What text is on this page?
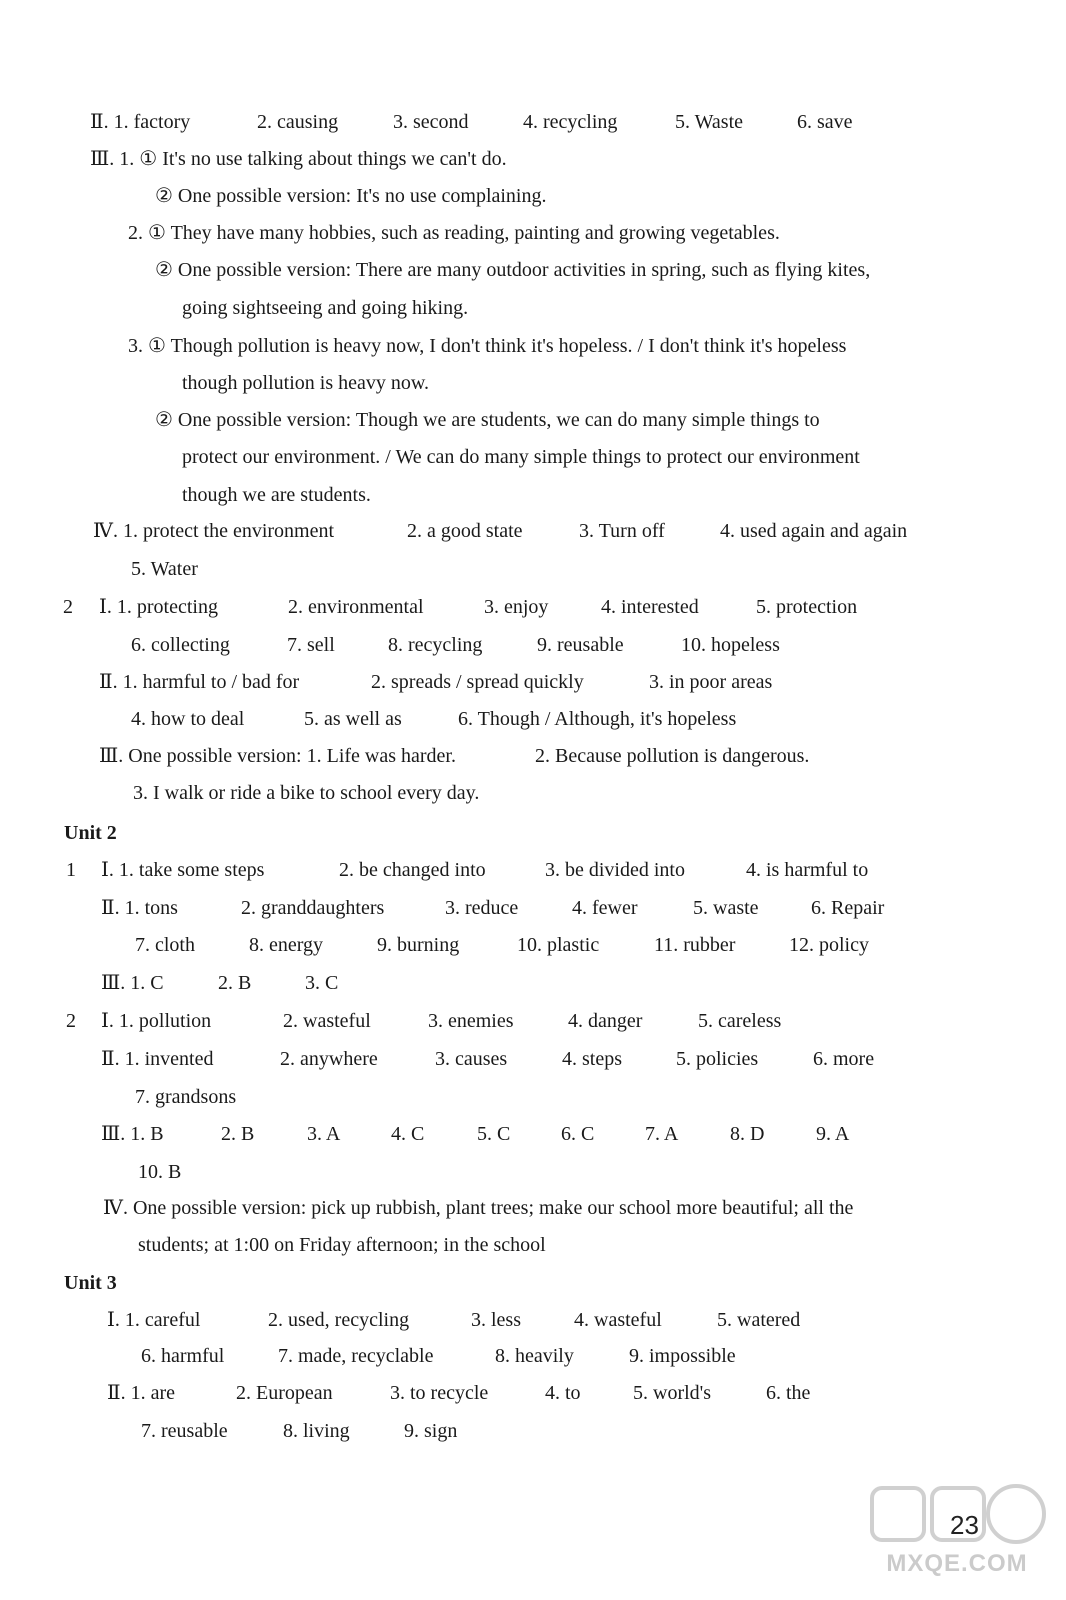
Ⅱ. 1. factory	2. causing	3. second	4. recycling	5. Waste	6. save
Ⅲ. 1. ① It's no use talking about things we can't do.
② One possible version: It's no use complaining.
2. ① They have many hobbies, such as reading, painting and growing vegetables.
② One possible version: There are many outdoor activities in spring, such as flying kites,
going sightseeing and going hiking.
3. ① Though pollution is heavy now, I don't think it's hopeless. / I don't think it's hopeless
though pollution is heavy now.
② One possible version: Though we are students, we can do many simple things to
protect our environment. / We can do many simple things to protect our environment
though we are students.
Ⅳ. 1. protect the environment	2. a good state	3. Turn off	4. used again and again
5. Water
2 Ⅰ. 1. protecting	2. environmental	3. enjoy	4. interested	5. protection
6. collecting	7. sell	8. recycling	9. reusable	10. hopeless
Ⅱ. 1. harmful to / bad for	2. spreads / spread quickly	3. in poor areas
4. how to deal	5. as well as	6. Though / Although, it's hopeless
Ⅲ. One possible version: 1. Life was harder.	2. Because pollution is dangerous.
3. I walk or ride a bike to school every day.
1 Ⅰ. 1. take some steps	2. be changed into	3. be divided into	4. is harmful to
Ⅱ. 1. tons	2. granddaughters	3. reduce	4. fewer	5. waste	6. Repair
7. cloth	8. energy	9. burning	10. plastic	11. rubber	12. policy
Ⅲ. 1. C	2. B	3. C
2 Ⅰ. 1. pollution	2. wasteful	3. enemies	4. danger	5. careless
Ⅱ. 1. invented	2. anywhere	3. causes	4. steps	5. policies	6. more
7. grandsons
Ⅲ. 1. B	2. B	3. A	4. C	5. C	6. C	7. A	8. D	9. A
10. B
Ⅳ. One possible version: pick up rubbish, plant trees; make our school more beautiful; all the
students; at 1:00 on Friday afternoon; in the school
Ⅰ. 1. careful	2. used, recycling	3. less	4. wasteful	5. watered
6. harmful	7. made, recyclable	8. heavily	9. impossible
Ⅱ. 1. are	2. European	3. to recycle	4. to	5. world's	6. the
7. reusable	8. living	9. sign
Unit 2
Unit 3
23
MXQE.COM
